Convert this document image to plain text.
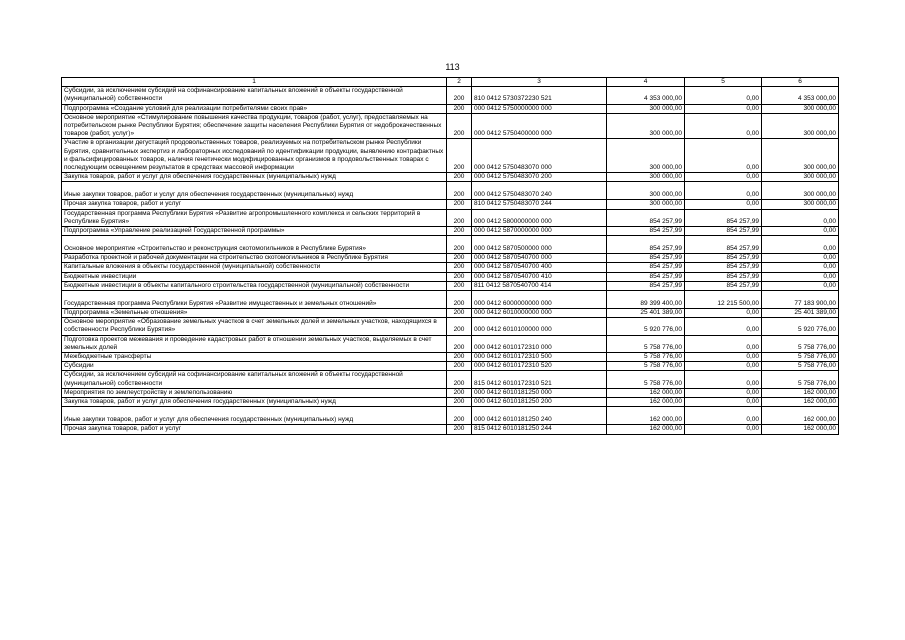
113
1	2	3	4	5	6
Субсидии, за исключением субсидий на софинансирование капитальных вложений в объекты государственной (муниципальной) собственности	200	810 0412 5730372230 521	4 353 000,00	0,00	4 353 000,00
Подпрограмма «Создание условий для реализации потребителями своих прав»	200	000 0412 5750000000 000	300 000,00	0,00	300 000,00
Основное мероприятие «Стимулирование повышения качества продукции, товаров (работ, услуг), предоставляемых на потребительском рынке Республики Бурятия; обеспечение защиты населения Республики Бурятия от недоброкачественных товаров (работ, услуг)»	200	000 0412 5750400000 000	300 000,00	0,00	300 000,00
Участие в организации дегустаций продовольственных товаров, реализуемых на потребительском рынке Республики Бурятия, сравнительных экспертиз и лабораторных исследований по идентификации продукции, выявлению контрафактных и фальсифицированных товаров, наличия генетически модифицированных организмов в продовольственных товарах с последующим освещением результатов в средствах массовой информации	200	000 0412 5750483070 000	300 000,00	0,00	300 000,00
Закупка товаров, работ и услуг для обеспечения государственных (муниципальных) нужд	200	000 0412 5750483070 200	300 000,00	0,00	300 000,00
Иные закупки товаров, работ и услуг для обеспечения государственных (муниципальных) нужд	200	000 0412 5750483070 240	300 000,00	0,00	300 000,00
Прочая закупка товаров, работ и услуг	200	810 0412 5750483070 244	300 000,00	0,00	300 000,00
Государственная программа Республики Бурятия «Развитие агропромышленного комплекса и сельских территорий в Республике Бурятия»	200	000 0412 5800000000 000	854 257,99	854 257,99	0,00
Подпрограмма «Управление реализацией Государственной программы»	200	000 0412 5870000000 000	854 257,99	854 257,99	0,00
Основное мероприятие «Строительство и реконструкция скотомогильников в Республике Бурятия»	200	000 0412 5870500000 000	854 257,99	854 257,99	0,00
Разработка проектной и рабочей документации на строительство скотомогильников в Республике Бурятия	200	000 0412 5870540700 000	854 257,99	854 257,99	0,00
Капитальные вложения в объекты государственной (муниципальной) собственности	200	000 0412 5870540700 400	854 257,99	854 257,99	0,00
Бюджетные инвестиции	200	000 0412 5870540700 410	854 257,99	854 257,99	0,00
Бюджетные инвестиции в объекты капитального строительства государственной (муниципальной) собственности	200	811 0412 5870540700 414	854 257,99	854 257,99	0,00
Государственная программа Республики Бурятия «Развитие имущественных и земельных отношений»	200	000 0412 6000000000 000	89 399 400,00	12 215 500,00	77 183 900,00
Подпрограмма «Земельные отношения»	200	000 0412 6010000000 000	25 401 389,00	0,00	25 401 389,00
Основное мероприятие «Образование земельных участков в счет земельных долей и земельных участков, находящихся в собственности Республики Бурятия»	200	000 0412 6010100000 000	5 920 776,00	0,00	5 920 776,00
Подготовка проектов межевания и проведение кадастровых работ в отношении земельных участков, выделяемых в счет земельных долей	200	000 0412 6010172310 000	5 758 776,00	0,00	5 758 776,00
Межбюджетные трансферты	200	000 0412 6010172310 500	5 758 776,00	0,00	5 758 776,00
Субсидии	200	000 0412 6010172310 520	5 758 776,00	0,00	5 758 776,00
Субсидии, за исключением субсидий на софинансирование капитальных вложений в объекты государственной (муниципальной) собственности	200	815 0412 6010172310 521	5 758 776,00	0,00	5 758 776,00
Мероприятия по землеустройству и землепользованию	200	000 0412 6010181250 000	162 000,00	0,00	162 000,00
Закупка товаров, работ и услуг для обеспечения государственных (муниципальных) нужд	200	000 0412 6010181250 200	162 000,00	0,00	162 000,00
Иные закупки товаров, работ и услуг для обеспечения государственных (муниципальных) нужд	200	000 0412 6010181250 240	162 000,00	0,00	162 000,00
Прочая закупка товаров, работ и услуг	200	815 0412 6010181250 244	162 000,00	0,00	162 000,00
